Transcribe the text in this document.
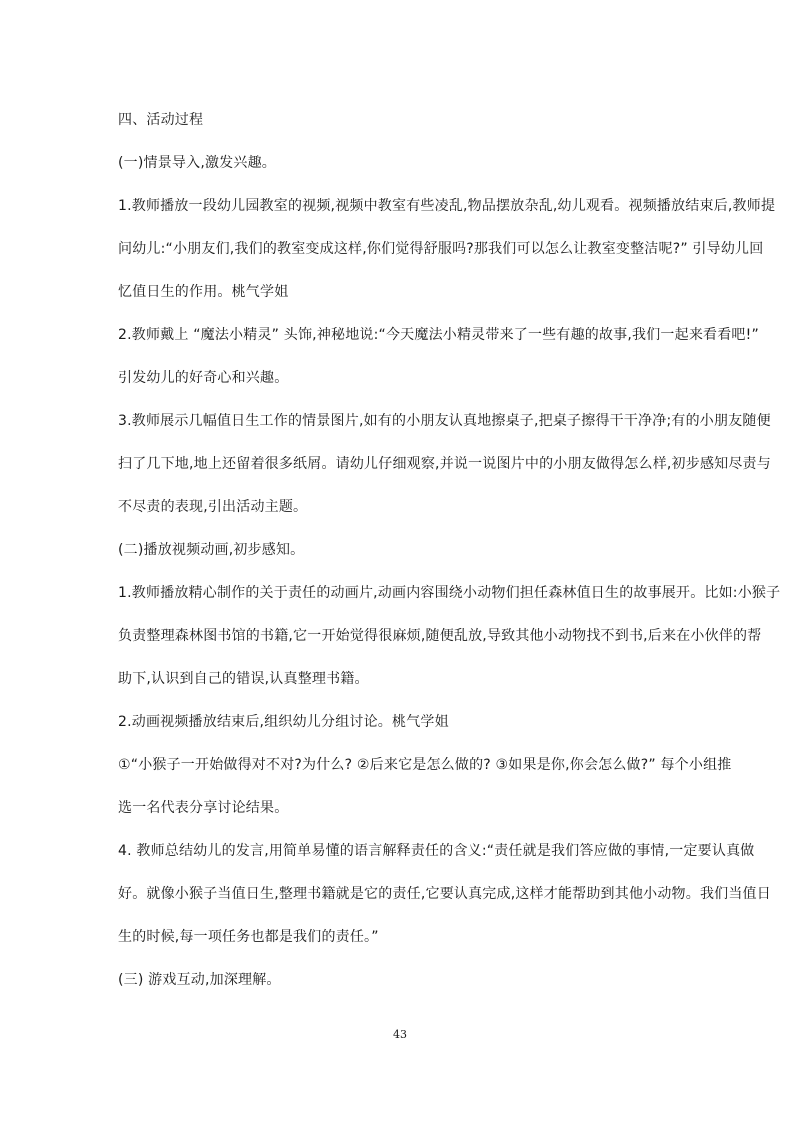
四、活动过程
(一)情景导入,激发兴趣。
1.教师播放一段幼儿园教室的视频,视频中教室有些凌乱,物品摆放杂乱,幼儿观看。视频播放结束后,教师提
问幼儿:“小朋友们,我们的教室变成这样,你们觉得舒服吗?那我们可以怎么让教室变整洁呢?” 引导幼儿回
忆值日生的作用。桃气学姐
2.教师戴上 “魔法小精灵” 头饰,神秘地说:“今天魔法小精灵带来了一些有趣的故事,我们一起来看看吧!”
引发幼儿的好奇心和兴趣。
3.教师展示几幅值日生工作的情景图片,如有的小朋友认真地擦桌子,把桌子擦得干干净净;有的小朋友随便
扫了几下地,地上还留着很多纸屑。请幼儿仔细观察,并说一说图片中的小朋友做得怎么样,初步感知尽责与
不尽责的表现,引出活动主题。
(二)播放视频动画,初步感知。
1.教师播放精心制作的关于责任的动画片,动画内容围绕小动物们担任森林值日生的故事展开。比如:小猴子
负责整理森林图书馆的书籍,它一开始觉得很麻烦,随便乱放,导致其他小动物找不到书,后来在小伙伴的帮
助下,认识到自己的错误,认真整理书籍。
2.动画视频播放结束后,组织幼儿分组讨论。桃气学姐
①“小猴子一开始做得对不对?为什么? ②后来它是怎么做的? ③如果是你,你会怎么做?” 每个小组推
选一名代表分享讨论结果。
4. 教师总结幼儿的发言,用简单易懂的语言解释责任的含义:“责任就是我们答应做的事情,一定要认真做
好。就像小猴子当值日生,整理书籍就是它的责任,它要认真完成,这样才能帮助到其他小动物。我们当值日
生的时候,每一项任务也都是我们的责任。”
(三) 游戏互动,加深理解。
43
